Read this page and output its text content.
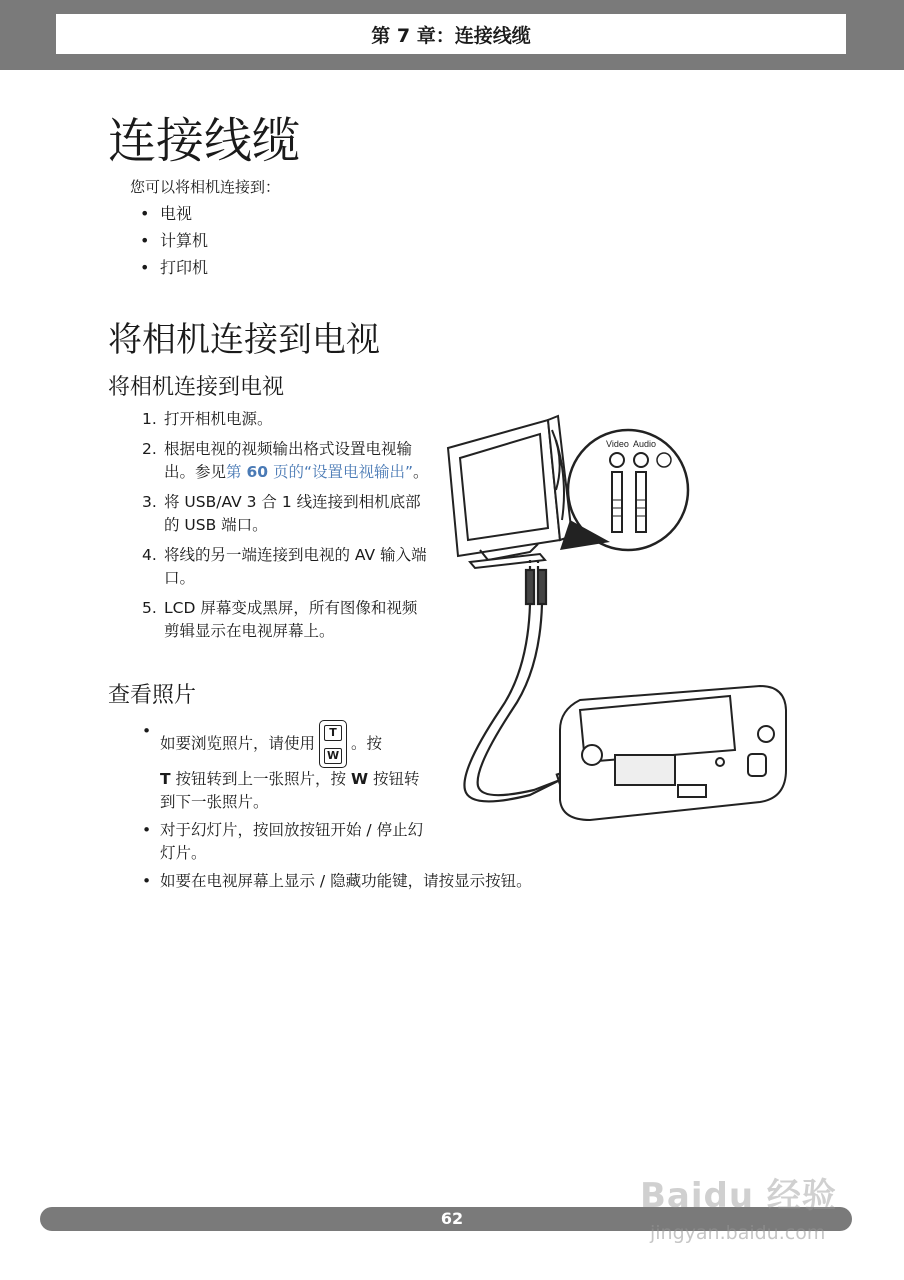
第 7 章：连接线缆
连接线缆

您可以将相机连接到：

• 电视
• 计算机
• 打印机
将相机连接到电视
将相机连接到电视
1. 打开相机电源。
2. 根据电视的视频输出格式设置电视输出。参见第 60 页的“设置电视输出”。
3. 将 USB/AV 3 合 1 线连接到相机底部的 USB 端口。
4. 将线的另一端连接到电视的 AV 输入端口。
5. LCD 屏幕变成黑屏，所有图像和视频剪辑显示在电视屏幕上。
查看照片
•
如要浏览照片，请使用 $\frac{T}{W}$ 。按
T 按钮转到上一张照片，按 W 按钮转到下一张照片。
• 对于幻灯片，按回放按钮开始 / 停止幻灯片。
• 如要在电视屏幕上显示 / 隐藏功能键，请按显示按钮。
Video Audio
62
Baidu 经验
jingyan.baidu.com
